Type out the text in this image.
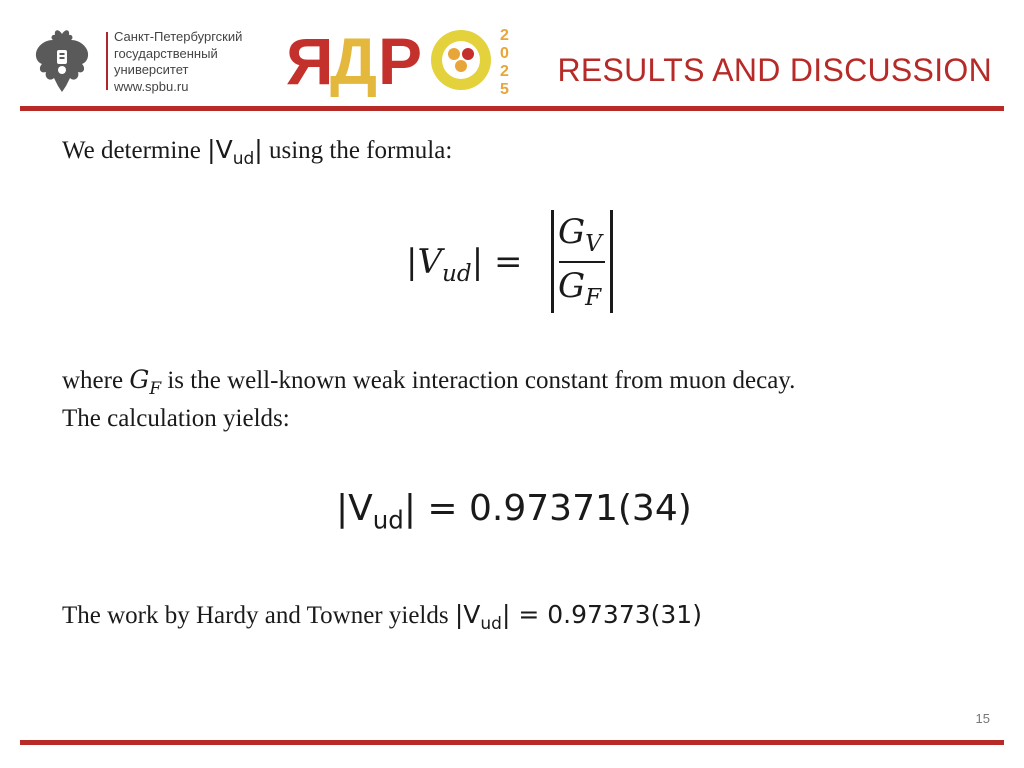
Санкт-Петербургский
государственный
университет
www.spbu.ru	Я
Д Р	2
0
2
5
RESULTS AND DISCUSSION
We determine $|V_{ud}|$ using the formula:
where $G_F$ is the well-known weak interaction constant from muon decay.
The calculation yields:
The work by Hardy and Towner yields $|V_{ud}| = 0.97373(31)$
$|V_{ud}|$ =
$G_V$
$G_F$
$|V_{ud}| = 0.97371(34)$
15
